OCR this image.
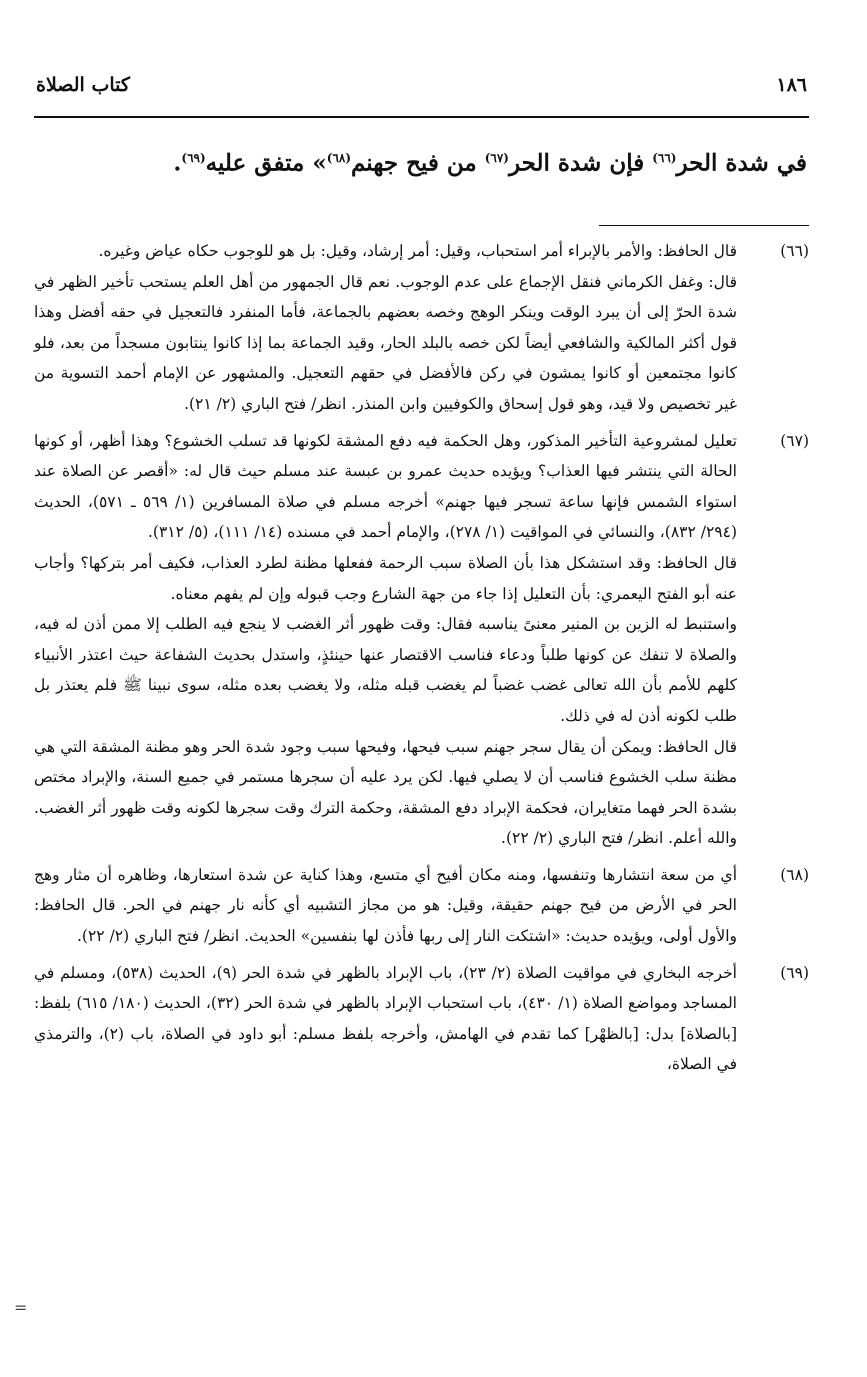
١٨٦
كتاب الصلاة
في شدة الحر$^{(٦٦)}$ فإن شدة الحر$^{(٦٧)}$ من فيح جهنم$^{(٦٨)}$» متفق عليه$^{(٦٩)}$.
(٦٦)

قال الحافظ: والأمر بالإبراء أمر استحباب، وقيل: أمر إرشاد، وقيل: بل هو للوجوب حكاه عياض وغيره.

قال: وغفل الكرماني فنقل الإجماع على عدم الوجوب. نعم قال الجمهور من أهل العلم يستحب تأخير الظهر في شدة الحرّ إلى أن يبرد الوقت وينكر الوهج وخصه بعضهم بالجماعة، فأما المنفرد فالتعجيل في حقه أفضل وهذا قول أكثر المالكية والشافعي أيضاً لكن خصه بالبلد الحار، وقيد الجماعة بما إذا كانوا ينتابون مسجداً من بعد، فلو كانوا مجتمعين أو كانوا يمشون في ركن فالأفضل في حقهم التعجيل. والمشهور عن الإمام أحمد التسوية من غير تخصيص ولا قيد، وهو قول إسحاق والكوفيين وابن المنذر. انظر/ فتح الباري (٢/ ٢١).

(٦٧)

تعليل لمشروعية التأخير المذكور، وهل الحكمة فيه دفع المشقة لكونها قد تسلب الخشوع؟ وهذا أظهر، أو كونها الحالة التي ينتشر فيها العذاب؟ ويؤيده حديث عمرو بن عبسة عند مسلم حيث قال له: «أقصر عن الصلاة عند استواء الشمس فإنها ساعة تسجر فيها جهنم» أخرجه مسلم في صلاة المسافرين (١/ ٥٦٩ ـ ٥٧١)، الحديث (٢٩٤/ ٨٣٢)، والنسائي في المواقيت (١/ ٢٧٨)، والإمام أحمد في مسنده (١٤/ ١١١)، (٥/ ٣١٢).

قال الحافظ: وقد استشكل هذا بأن الصلاة سبب الرحمة ففعلها مظنة لطرد العذاب، فكيف أمر بتركها؟ وأجاب عنه أبو الفتح اليعمري: بأن التعليل إذا جاء من جهة الشارع وجب قبوله وإن لم يفهم معناه.

واستنبط له الزين بن المنير معنىً يناسبه فقال: وقت ظهور أثر الغضب لا ينجع فيه الطلب إلا ممن أذن له فيه، والصلاة لا تنفك عن كونها طلباً ودعاء فناسب الاقتصار عنها حينئذٍ، واستدل بحديث الشفاعة حيث اعتذر الأنبياء كلهم للأمم بأن الله تعالى غضب غضباً لم يغضب قبله مثله، ولا يغضب بعده مثله، سوى نبينا ﷺ فلم يعتذر بل طلب لكونه أذن له في ذلك.

قال الحافظ: ويمكن أن يقال سجر جهنم سبب فيحها، وفيحها سبب وجود شدة الحر وهو مظنة المشقة التي هي مظنة سلب الخشوع فناسب أن لا يصلي فيها. لكن يرد عليه أن سجرها مستمر في جميع السنة، والإبراد مختص بشدة الحر فهما متغايران، فحكمة الإبراد دفع المشقة، وحكمة الترك وقت سجرها لكونه وقت ظهور أثر الغضب. والله أعلم. انظر/ فتح الباري (٢/ ٢٢).

(٦٨)

أي من سعة انتشارها وتنفسها، ومنه مكان أفيح أي متسع، وهذا كناية عن شدة استعارها، وظاهره أن مثار وهج الحر في الأرض من فيح جهنم حقيقة، وقيل: هو من مجاز التشبيه أي كأنه نار جهنم في الحر. قال الحافظ: والأول أولى، ويؤيده حديث: «اشتكت النار إلى ربها فأذن لها بنفسين» الحديث. انظر/ فتح الباري (٢/ ٢٢).

(٦٩)

أخرجه البخاري في مواقيت الصلاة (٢/ ٢٣)، باب الإبراد بالظهر في شدة الحر (٩)، الحديث (٥٣٨)، ومسلم في المساجد ومواضع الصلاة (١/ ٤٣٠)، باب استحباب الإبراد بالظهر في شدة الحر (٣٢)، الحديث (١٨٠/ ٦١٥) بلفظ: [بالصلاة] بدل: [بالظهْر] كما تقدم في الهامش، وأخرجه بلفظ مسلم: أبو داود في الصلاة، باب (٢)، والترمذي في الصلاة،

=
